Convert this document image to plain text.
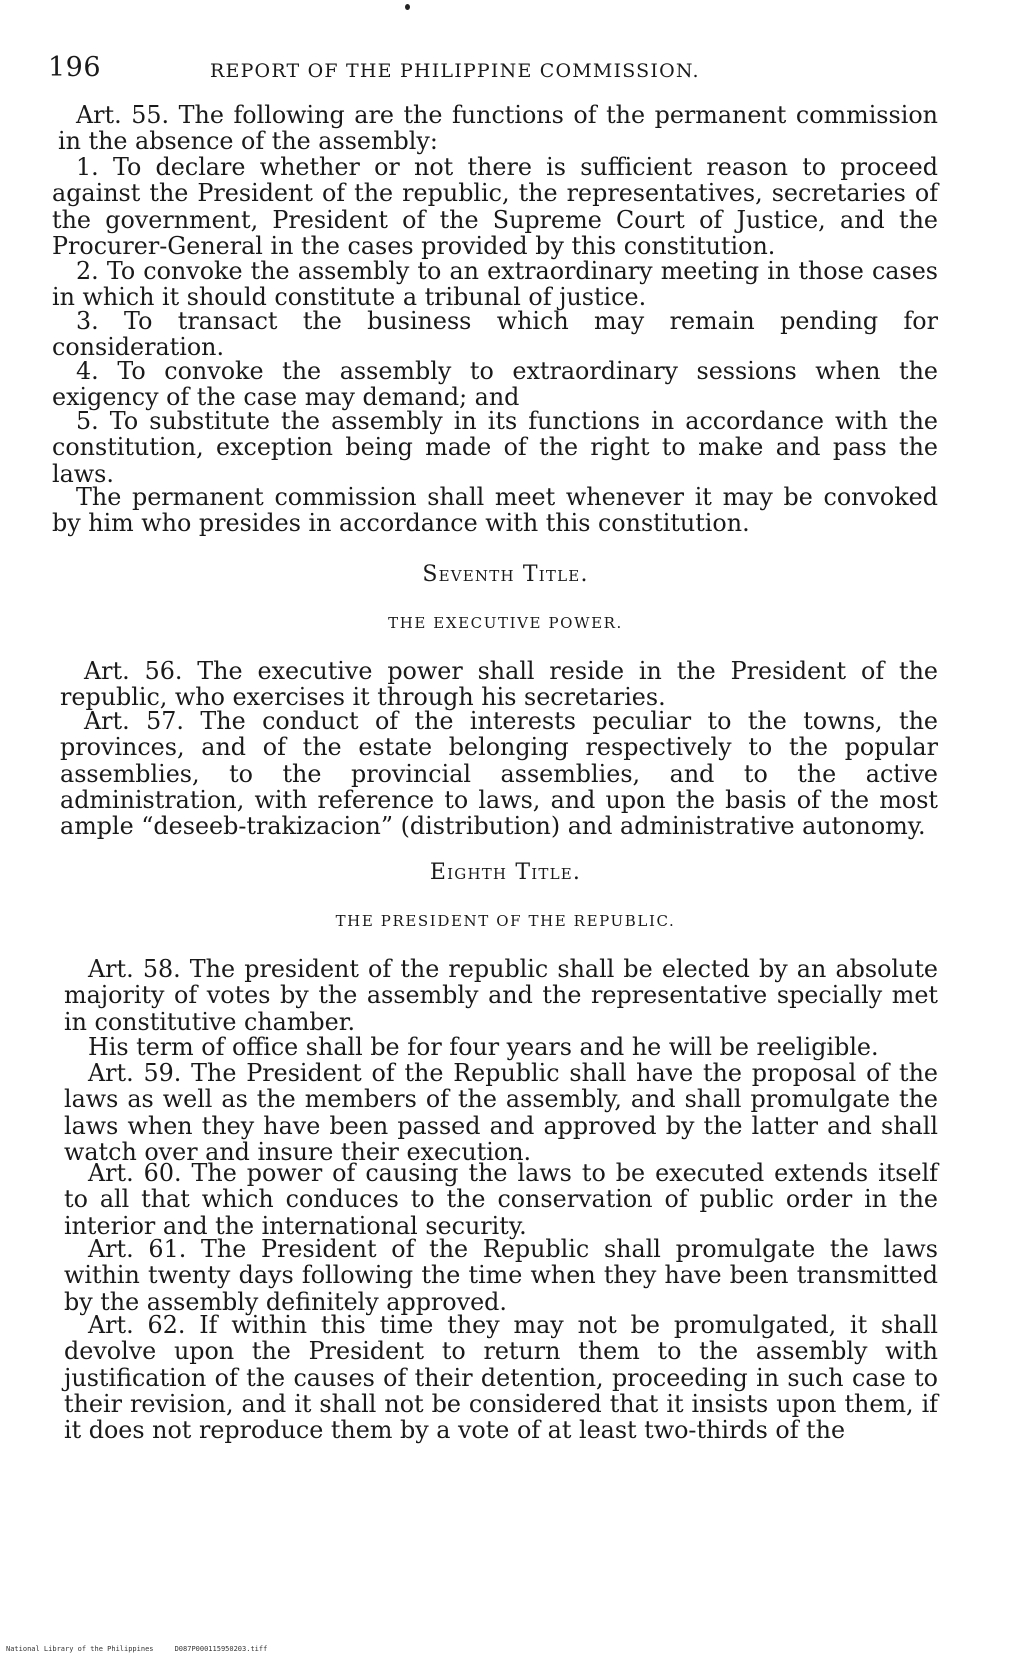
196	REPORT OF THE PHILIPPINE COMMISSION.

Art. 55. The following are the functions of the permanent commission in the absence of the assembly:

1. To declare whether or not there is sufficient reason to proceed against the President of the republic, the representatives, secretaries of the government, President of the Supreme Court of Justice, and the Procurer-General in the cases provided by this constitution.

2. To convoke the assembly to an extraordinary meeting in those cases in which it should constitute a tribunal of justice.

3. To transact the business which may remain pending for consideration.

4. To convoke the assembly to extraordinary sessions when the exigency of the case may demand; and

5. To substitute the assembly in its functions in accordance with the constitution, exception being made of the right to make and pass the laws.

The permanent commission shall meet whenever it may be convoked by him who presides in accordance with this constitution.

Seventh Title.

THE EXECUTIVE POWER.

Art. 56. The executive power shall reside in the President of the republic, who exercises it through his secretaries.

Art. 57. The conduct of the interests peculiar to the towns, the provinces, and of the estate belonging respectively to the popular assemblies, to the provincial assemblies, and to the active administration, with reference to laws, and upon the basis of the most ample “deseeb-trakizacion” (distribution) and administrative autonomy.

Eighth Title.

THE PRESIDENT OF THE REPUBLIC.

Art. 58. The president of the republic shall be elected by an absolute majority of votes by the assembly and the representative specially met in constitutive chamber.

His term of office shall be for four years and he will be reeligible.

Art. 59. The President of the Republic shall have the proposal of the laws as well as the members of the assembly, and shall promulgate the laws when they have been passed and approved by the latter and shall watch over and insure their execution.

Art. 60. The power of causing the laws to be executed extends itself to all that which conduces to the conservation of public order in the interior and the international security.

Art. 61. The President of the Republic shall promulgate the laws within twenty days following the time when they have been transmitted by the assembly definitely approved.

Art. 62. If within this time they may not be promulgated, it shall devolve upon the President to return them to the assembly with justification of the causes of their detention, proceeding in such case to their revision, and it shall not be considered that it insists upon them, if it does not reproduce them by a vote of at least two-thirds of the

National Library of the Philippines	D087P000115950203.tiff
